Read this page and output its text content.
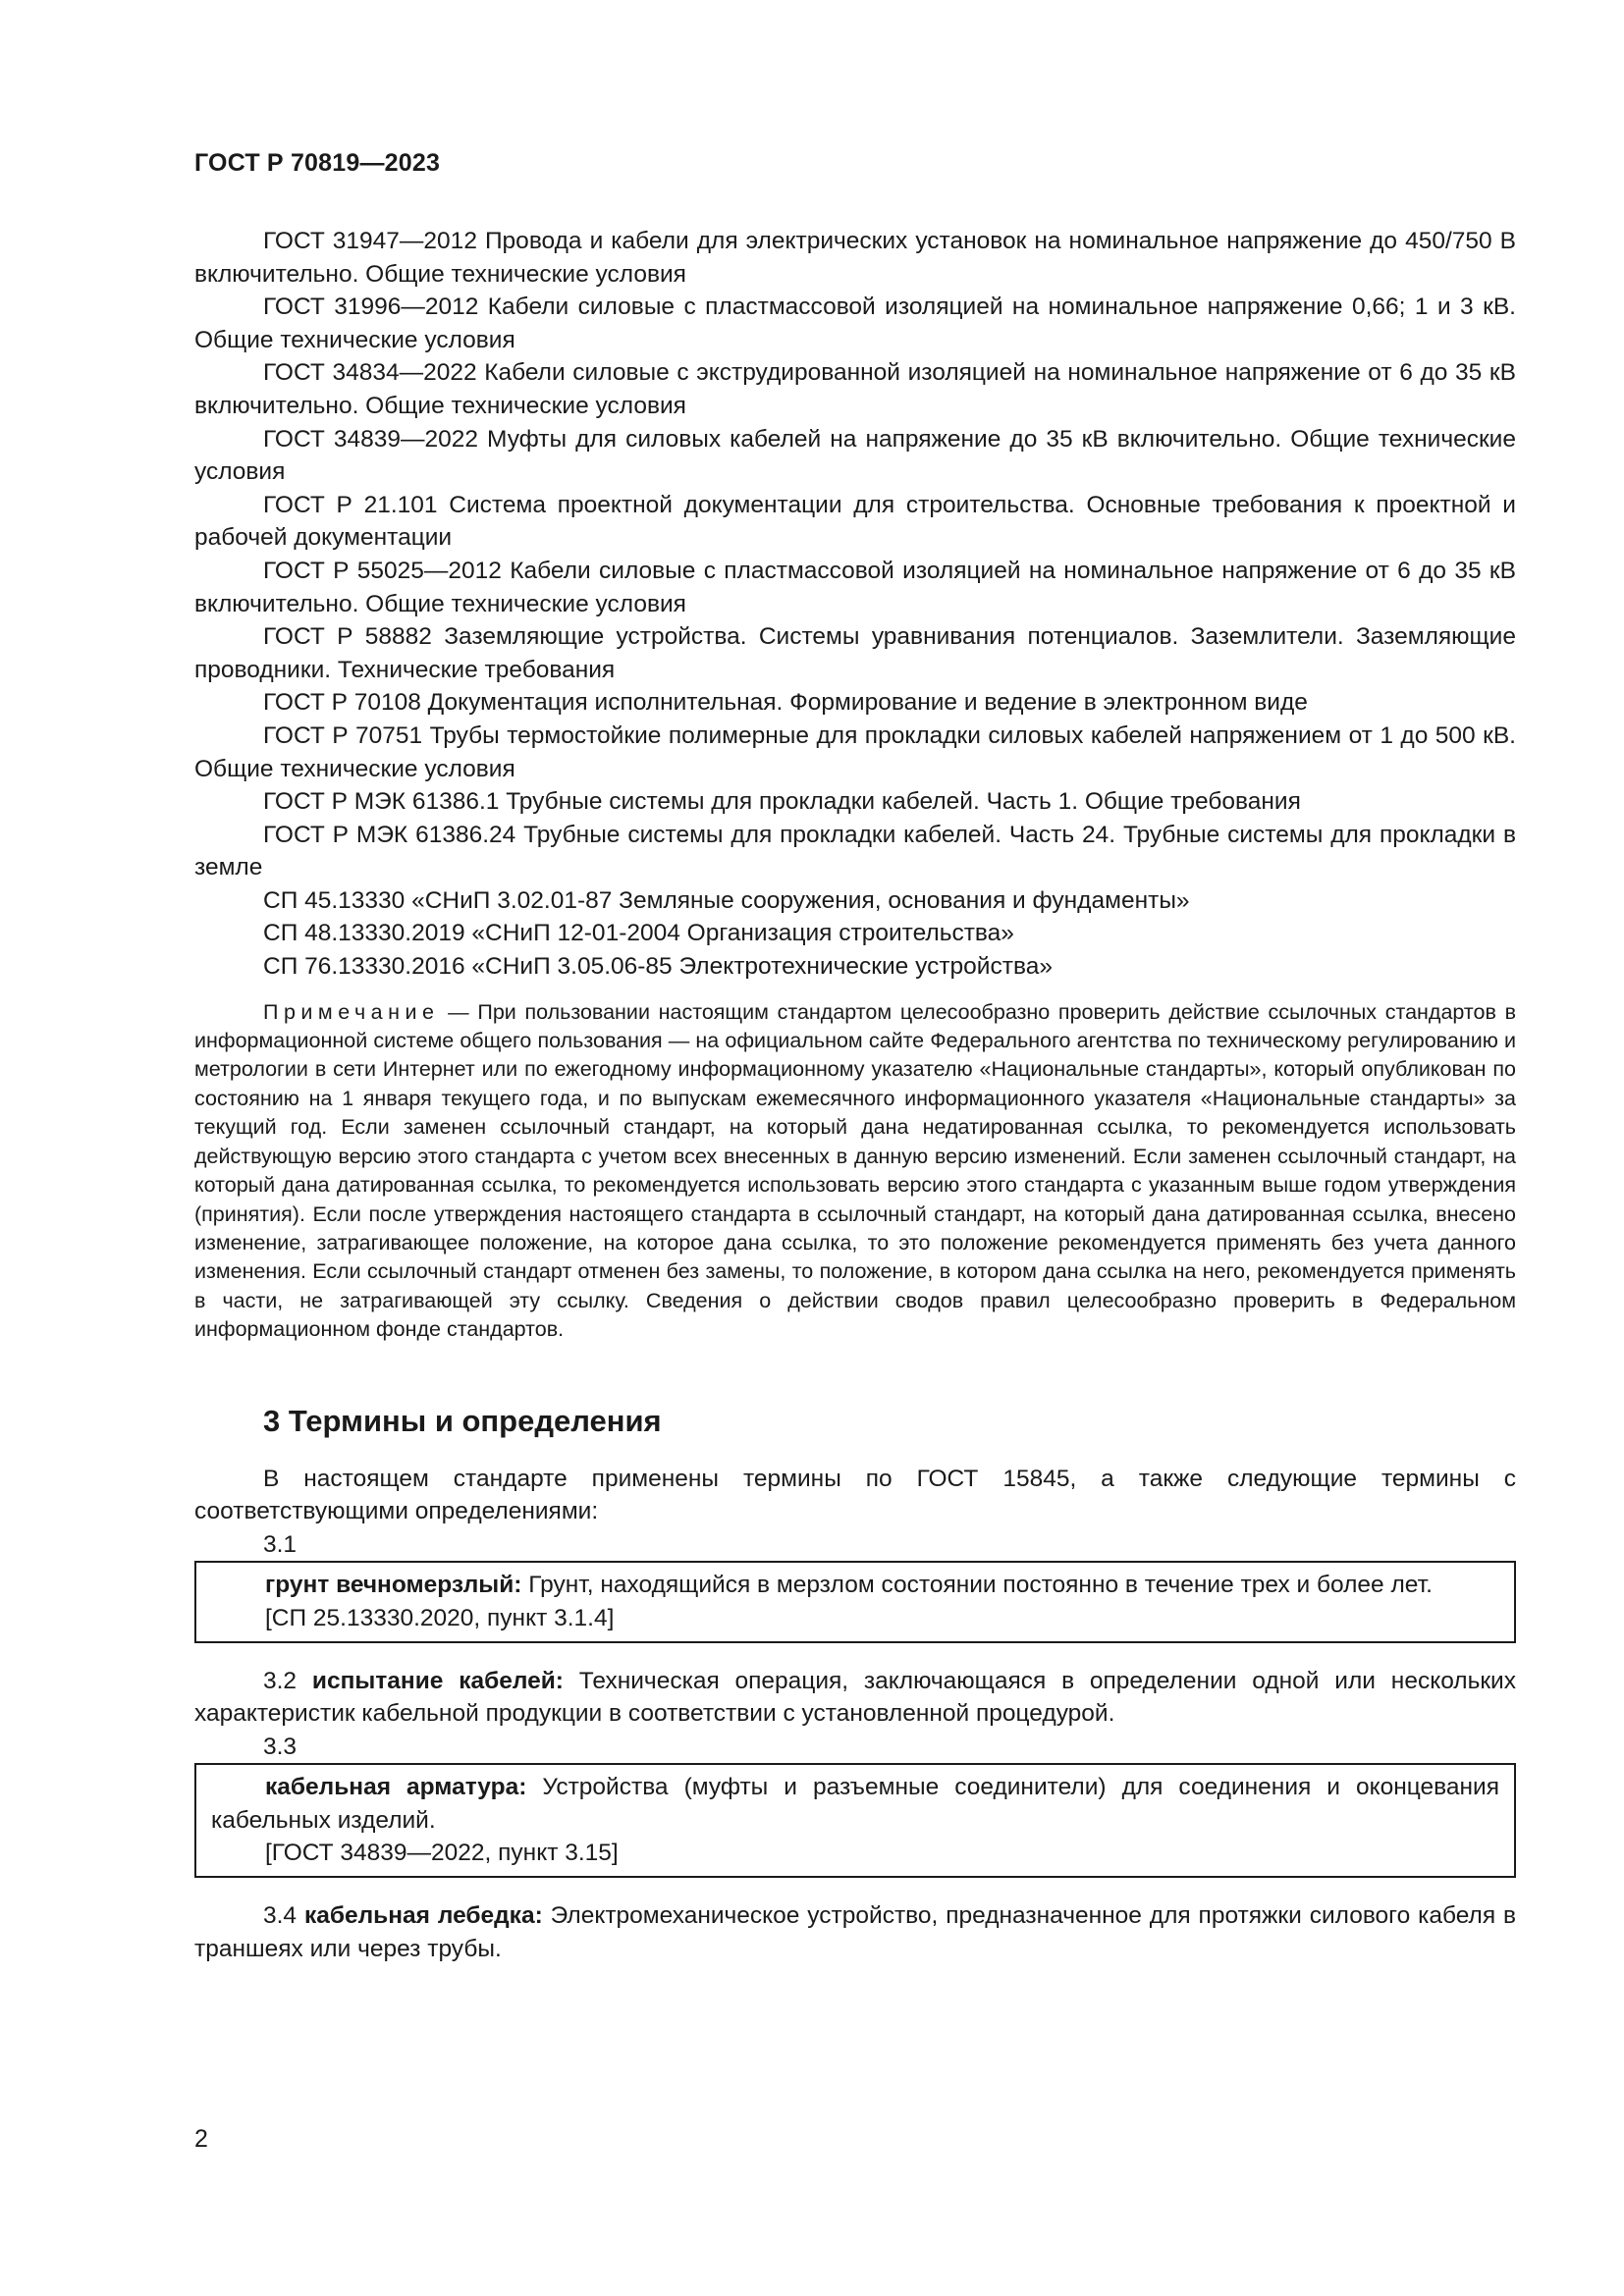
ГОСТ Р 70819—2023

ГОСТ 31947—2012 Провода и кабели для электрических установок на номинальное напряжение до 450/750 В включительно. Общие технические условия

ГОСТ 31996—2012 Кабели силовые с пластмассовой изоляцией на номинальное напряжение 0,66; 1 и 3 кВ. Общие технические условия

ГОСТ 34834—2022 Кабели силовые с экструдированной изоляцией на номинальное напряжение от 6 до 35 кВ включительно. Общие технические условия

ГОСТ 34839—2022 Муфты для силовых кабелей на напряжение до 35 кВ включительно. Общие технические условия

ГОСТ Р 21.101 Система проектной документации для строительства. Основные требования к проектной и рабочей документации

ГОСТ Р 55025—2012 Кабели силовые с пластмассовой изоляцией на номинальное напряжение от 6 до 35 кВ включительно. Общие технические условия

ГОСТ Р 58882 Заземляющие устройства. Системы уравнивания потенциалов. Заземлители. Заземляющие проводники. Технические требования

ГОСТ Р 70108 Документация исполнительная. Формирование и ведение в электронном виде

ГОСТ Р 70751 Трубы термостойкие полимерные для прокладки силовых кабелей напряжением от 1 до 500 кВ. Общие технические условия

ГОСТ Р МЭК 61386.1 Трубные системы для прокладки кабелей. Часть 1. Общие требования

ГОСТ Р МЭК 61386.24 Трубные системы для прокладки кабелей. Часть 24. Трубные системы для прокладки в земле

СП 45.13330 «СНиП 3.02.01-87 Земляные сооружения, основания и фундаменты»

СП 48.13330.2019 «СНиП 12-01-2004 Организация строительства»

СП 76.13330.2016 «СНиП 3.05.06-85 Электротехнические устройства»

Примечание — При пользовании настоящим стандартом целесообразно проверить действие ссылочных стандартов в информационной системе общего пользования — на официальном сайте Федерального агентства по техническому регулированию и метрологии в сети Интернет или по ежегодному информационному указателю «Национальные стандарты», который опубликован по состоянию на 1 января текущего года, и по выпускам ежемесячного информационного указателя «Национальные стандарты» за текущий год. Если заменен ссылочный стандарт, на который дана недатированная ссылка, то рекомендуется использовать действующую версию этого стандарта с учетом всех внесенных в данную версию изменений. Если заменен ссылочный стандарт, на который дана датированная ссылка, то рекомендуется использовать версию этого стандарта с указанным выше годом утверждения (принятия). Если после утверждения настоящего стандарта в ссылочный стандарт, на который дана датированная ссылка, внесено изменение, затрагивающее положение, на которое дана ссылка, то это положение рекомендуется применять без учета данного изменения. Если ссылочный стандарт отменен без замены, то положение, в котором дана ссылка на него, рекомендуется применять в части, не затрагивающей эту ссылку. Сведения о действии сводов правил целесообразно проверить в Федеральном информационном фонде стандартов.

3 Термины и определения

В настоящем стандарте применены термины по ГОСТ 15845, а также следующие термины с соответствующими определениями:

3.1

грунт вечномерзлый: Грунт, находящийся в мерзлом состоянии постоянно в течение трех и более лет.

[СП 25.13330.2020, пункт 3.1.4]

3.2 испытание кабелей: Техническая операция, заключающаяся в определении одной или нескольких характеристик кабельной продукции в соответствии с установленной процедурой.

3.3

кабельная арматура: Устройства (муфты и разъемные соединители) для соединения и оконцевания кабельных изделий.

[ГОСТ 34839—2022, пункт 3.15]

3.4 кабельная лебедка: Электромеханическое устройство, предназначенное для протяжки силового кабеля в траншеях или через трубы.

2
